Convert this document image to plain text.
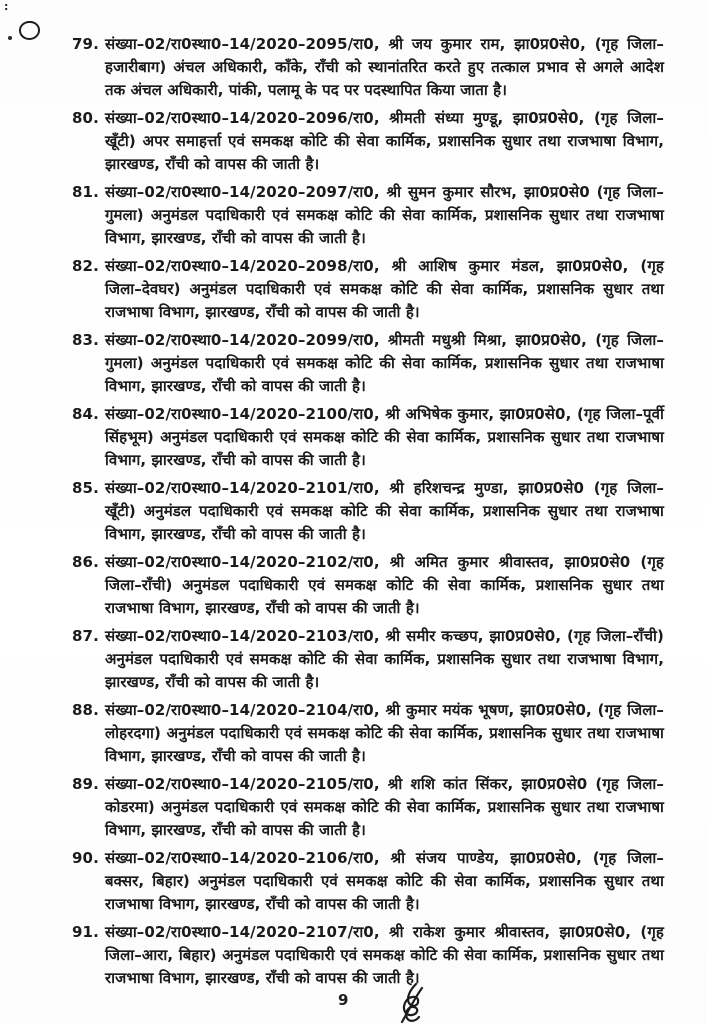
:
79. संख्या–02/रा0स्था0–14/2020–2095/रा0, श्री जय कुमार राम, झा0प्र0से0, (गृह जिला–हजारीबाग) अंचल अधिकारी, काँके, राँची को स्थानांतरित करते हुए तत्काल प्रभाव से अगले आदेश तक अंचल अधिकारी, पांकी, पलामू के पद पर पदस्थापित किया जाता है।
80. संख्या–02/रा0स्था0–14/2020–2096/रा0, श्रीमती संध्या मुण्डू, झा0प्र0से0, (गृह जिला–खूँटी) अपर समाहर्त्ता एवं समकक्ष कोटि की सेवा कार्मिक, प्रशासनिक सुधार तथा राजभाषा विभाग, झारखण्ड, राँची को वापस की जाती है।
81. संख्या–02/रा0स्था0–14/2020–2097/रा0, श्री सुमन कुमार सौरभ, झा0प्र0से0 (गृह जिला–गुमला) अनुमंडल पदाधिकारी एवं समकक्ष कोटि की सेवा कार्मिक, प्रशासनिक सुधार तथा राजभाषा विभाग, झारखण्ड, राँची को वापस की जाती है।
82. संख्या–02/रा0स्था0–14/2020–2098/रा0, श्री आशिष कुमार मंडल, झा0प्र0से0, (गृह जिला–देवघर) अनुमंडल पदाधिकारी एवं समकक्ष कोटि की सेवा कार्मिक, प्रशासनिक सुधार तथा राजभाषा विभाग, झारखण्ड, राँची को वापस की जाती है।
83. संख्या–02/रा0स्था0–14/2020–2099/रा0, श्रीमती मधुश्री मिश्रा, झा0प्र0से0, (गृह जिला–गुमला) अनुमंडल पदाधिकारी एवं समकक्ष कोटि की सेवा कार्मिक, प्रशासनिक सुधार तथा राजभाषा विभाग, झारखण्ड, राँची को वापस की जाती है।
84. संख्या–02/रा0स्था0–14/2020–2100/रा0, श्री अभिषेक कुमार, झा0प्र0से0, (गृह जिला–पूर्वी सिंहभूम) अनुमंडल पदाधिकारी एवं समकक्ष कोटि की सेवा कार्मिक, प्रशासनिक सुधार तथा राजभाषा विभाग, झारखण्ड, राँची को वापस की जाती है।
85. संख्या–02/रा0स्था0–14/2020–2101/रा0, श्री हरिशचन्द्र मुण्डा, झा0प्र0से0 (गृह जिला–खूँटी) अनुमंडल पदाधिकारी एवं समकक्ष कोटि की सेवा कार्मिक, प्रशासनिक सुधार तथा राजभाषा विभाग, झारखण्ड, राँची को वापस की जाती है।
86. संख्या–02/रा0स्था0–14/2020–2102/रा0, श्री अमित कुमार श्रीवास्तव, झा0प्र0से0 (गृह जिला–राँची) अनुमंडल पदाधिकारी एवं समकक्ष कोटि की सेवा कार्मिक, प्रशासनिक सुधार तथा राजभाषा विभाग, झारखण्ड, राँची को वापस की जाती है।
87. संख्या–02/रा0स्था0–14/2020–2103/रा0, श्री समीर कच्छप, झा0प्र0से0, (गृह जिला–राँची) अनुमंडल पदाधिकारी एवं समकक्ष कोटि की सेवा कार्मिक, प्रशासनिक सुधार तथा राजभाषा विभाग, झारखण्ड, राँची को वापस की जाती है।
88. संख्या–02/रा0स्था0–14/2020–2104/रा0, श्री कुमार मयंक भूषण, झा0प्र0से0, (गृह जिला–लोहरदगा) अनुमंडल पदाधिकारी एवं समकक्ष कोटि की सेवा कार्मिक, प्रशासनिक सुधार तथा राजभाषा विभाग, झारखण्ड, राँची को वापस की जाती है।
89. संख्या–02/रा0स्था0–14/2020–2105/रा0, श्री शशि कांत सिंकर, झा0प्र0से0 (गृह जिला–कोडरमा) अनुमंडल पदाधिकारी एवं समकक्ष कोटि की सेवा कार्मिक, प्रशासनिक सुधार तथा राजभाषा विभाग, झारखण्ड, राँची को वापस की जाती है।
90. संख्या–02/रा0स्था0–14/2020–2106/रा0, श्री संजय पाण्डेय, झा0प्र0से0, (गृह जिला–बक्सर, बिहार) अनुमंडल पदाधिकारी एवं समकक्ष कोटि की सेवा कार्मिक, प्रशासनिक सुधार तथा राजभाषा विभाग, झारखण्ड, राँची को वापस की जाती है।
91. संख्या–02/रा0स्था0–14/2020–2107/रा0, श्री राकेश कुमार श्रीवास्तव, झा0प्र0से0, (गृह जिला–आरा, बिहार) अनुमंडल पदाधिकारी एवं समकक्ष कोटि की सेवा कार्मिक, प्रशासनिक सुधार तथा राजभाषा विभाग, झारखण्ड, राँची को वापस की जाती है।
9
